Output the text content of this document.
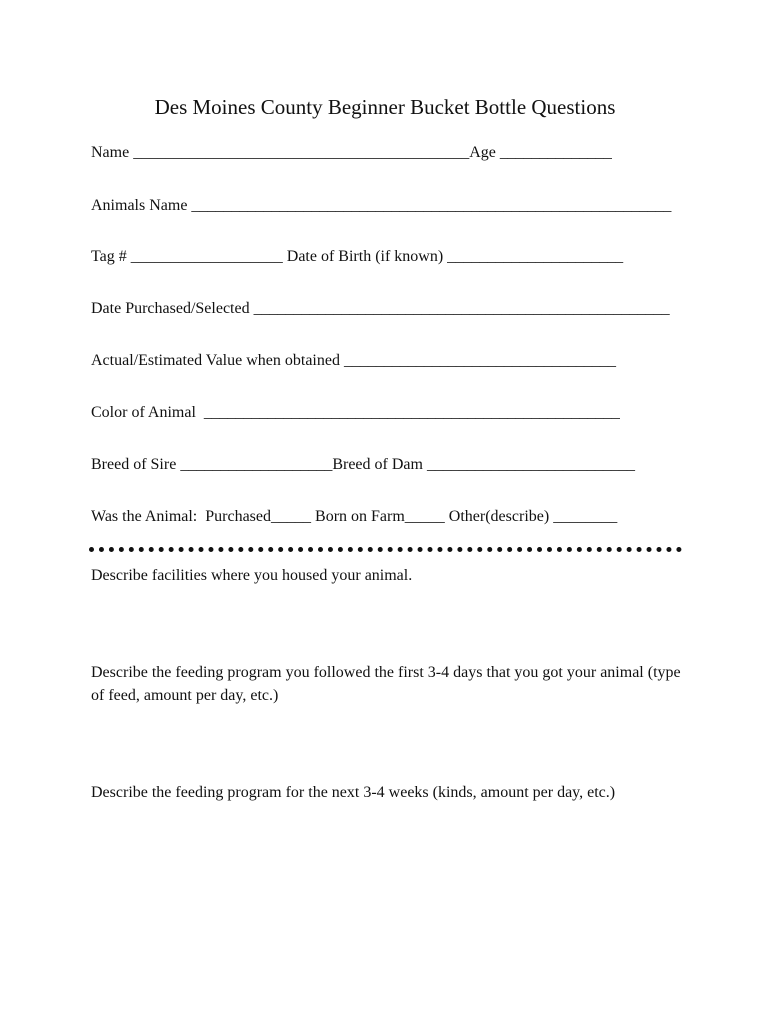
Des Moines County Beginner Bucket Bottle Questions
Name __________________________________________Age ______________
Animals Name ____________________________________________________________
Tag # ___________________ Date of Birth (if known) ______________________
Date Purchased/Selected ____________________________________________________
Actual/Estimated Value when obtained __________________________________
Color of Animal  ____________________________________________________
Breed of Sire ___________________Breed of Dam __________________________
Was the Animal:  Purchased_____ Born on Farm_____ Other(describe) ________
Describe facilities where you housed your animal.
Describe the feeding program you followed the first 3-4 days that you got your animal (type of feed, amount per day, etc.)
Describe the feeding program for the next 3-4 weeks (kinds, amount per day, etc.)
